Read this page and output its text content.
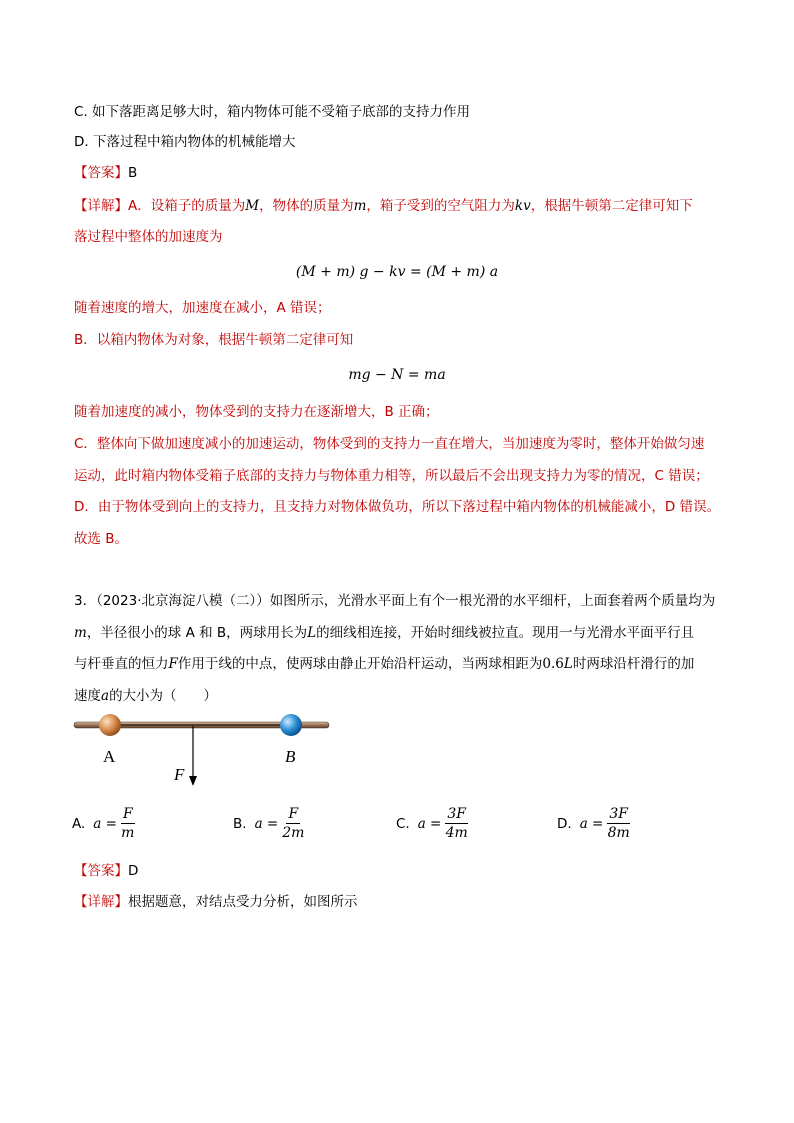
C. 如下落距离足够大时，箱内物体可能不受箱子底部的支持力作用
D. 下落过程中箱内物体的机械能增大
【答案】B
【详解】A．设箱子的质量为M，物体的质量为m，箱子受到的空气阻力为kv，根据牛顿第二定律可知下
落过程中整体的加速度为
(M + m) g − kv = (M + m) a
随着速度的增大，加速度在减小，A 错误；
B．以箱内物体为对象，根据牛顿第二定律可知
mg − N = ma
随着加速度的减小，物体受到的支持力在逐渐增大，B 正确；
C．整体向下做加速度减小的加速运动，物体受到的支持力一直在增大，当加速度为零时，整体开始做匀速
运动，此时箱内物体受箱子底部的支持力与物体重力相等，所以最后不会出现支持力为零的情况，C 错误；
D．由于物体受到向上的支持力，且支持力对物体做负功，所以下落过程中箱内物体的机械能减小，D 错误。
故选 B。
3．（2023·北京海淀八模（二））如图所示，光滑水平面上有个一根光滑的水平细杆，上面套着两个质量均为
m，半径很小的球 A 和 B，两球用长为L的细线相连接，开始时细线被拉直。现用一与光滑水平面平行且
与杆垂直的恒力F作用于线的中点，使两球由静止开始沿杆运动，当两球相距为0.6L时两球沿杆滑行的加
速度a的大小为（　　）
A	B
F
A. $a = \frac{F}{m}$	B. $a = \frac{F}{2m}$	C. $a = \frac{3F}{4m}$	D. $a = \frac{3F}{8m}$
【答案】D
【详解】根据题意，对结点受力分析，如图所示
